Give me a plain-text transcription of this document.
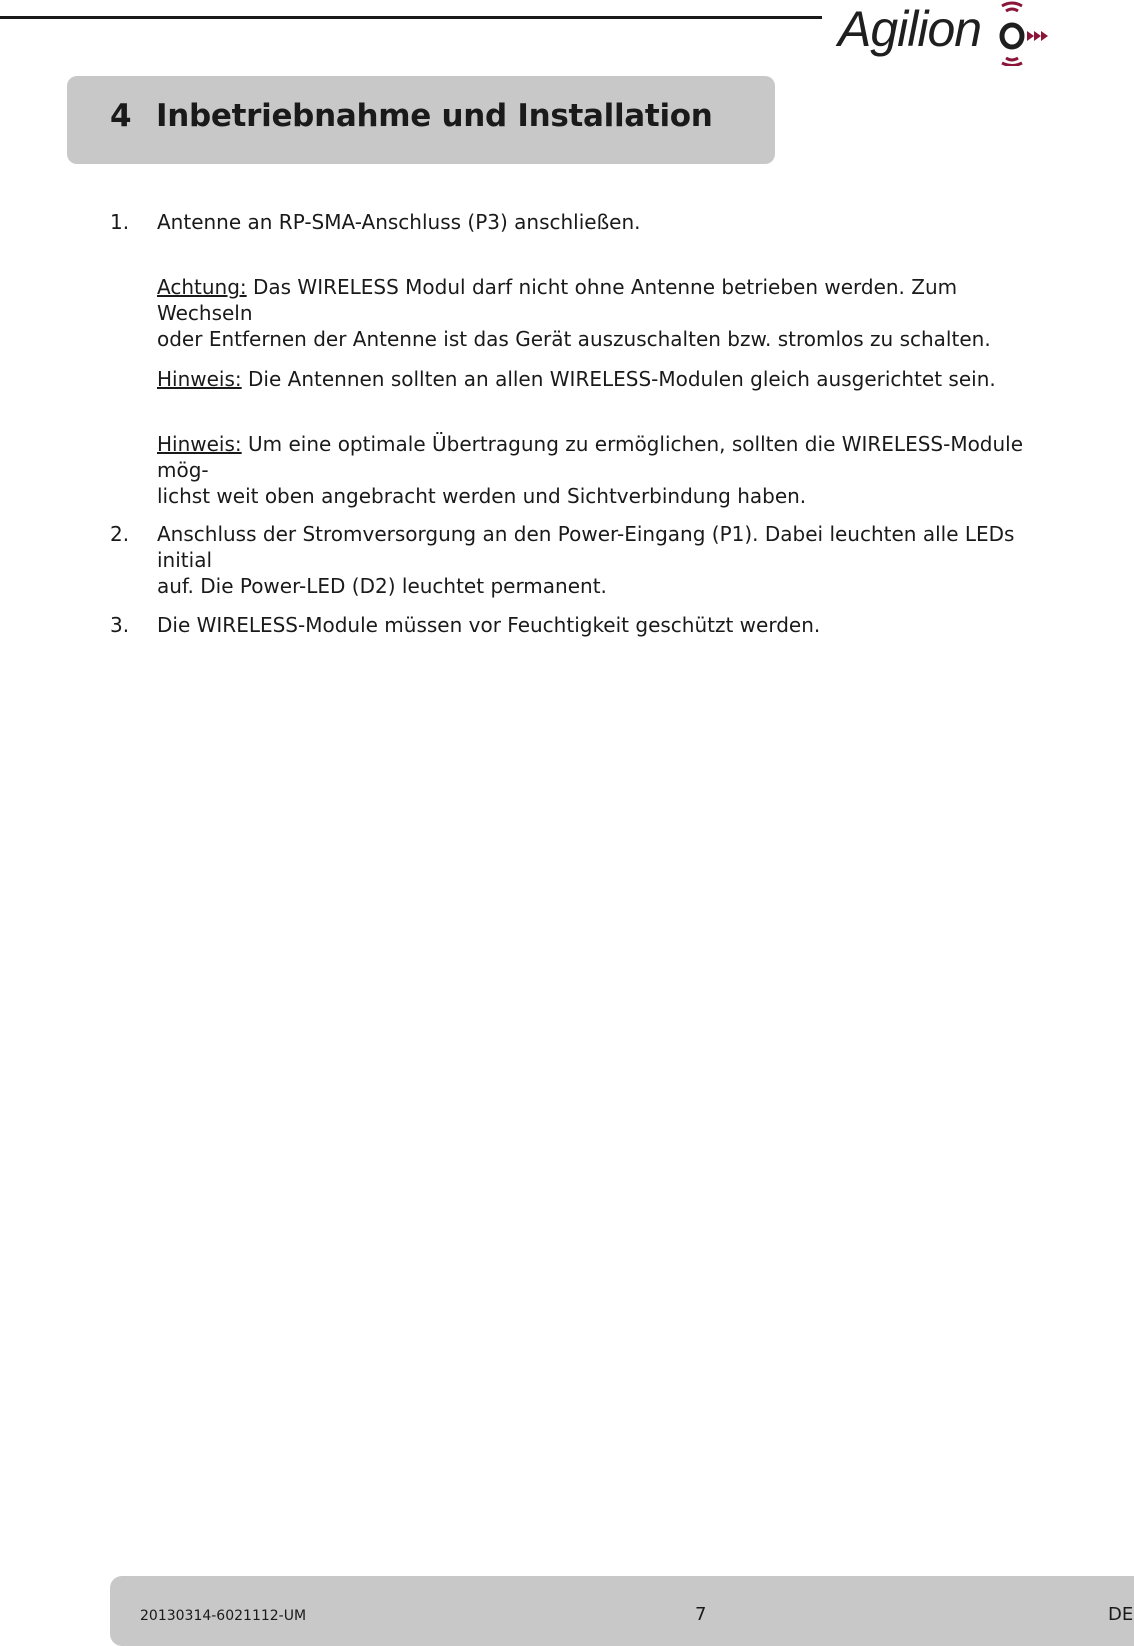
Agilion
4 Inbetriebnahme und Installation
1. Antenne an RP-SMA-Anschluss (P3) anschließen.
Achtung: Das WIRELESS Modul darf nicht ohne Antenne betrieben werden. Zum Wechseln
oder Entfernen der Antenne ist das Gerät auszuschalten bzw. stromlos zu schalten.
Hinweis: Die Antennen sollten an allen WIRELESS-Modulen gleich ausgerichtet sein.
Hinweis: Um eine optimale Übertragung zu ermöglichen, sollten die WIRELESS-Module mög-
lichst weit oben angebracht werden und Sichtverbindung haben.
2. Anschluss der Stromversorgung an den Power-Eingang (P1). Dabei leuchten alle LEDs initial
auf. Die Power-LED (D2) leuchtet permanent.
3. Die WIRELESS-Module müssen vor Feuchtigkeit geschützt werden.
20130314-6021112-UM	7	DE
